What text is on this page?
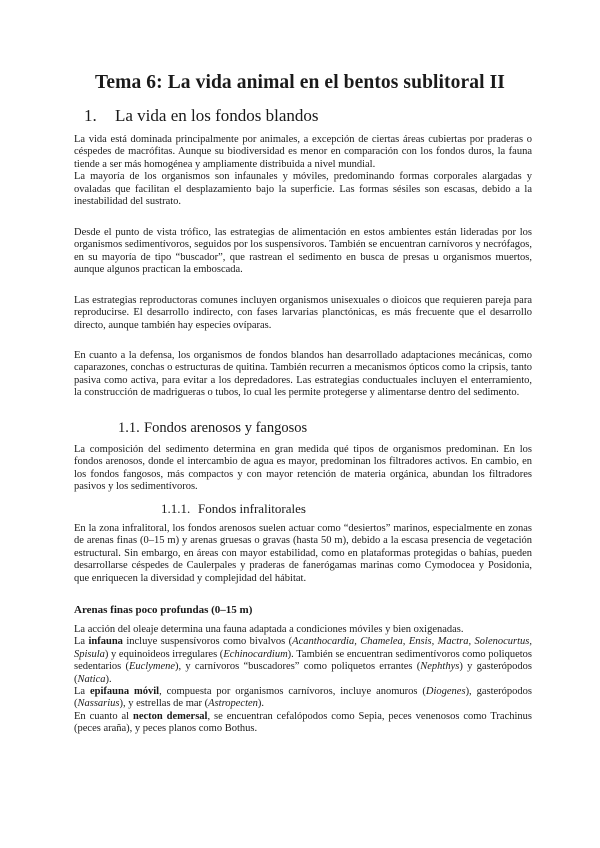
Tema 6: La vida animal en el bentos sublitoral II
1. La vida en los fondos blandos

La vida está dominada principalmente por animales, a excepción de ciertas áreas cubiertas por praderas o céspedes de macrófitas. Aunque su biodiversidad es menor en comparación con los fondos duros, la fauna tiende a ser más homogénea y ampliamente distribuida a nivel mundial.

La mayoría de los organismos son infaunales y móviles, predominando formas corporales alargadas y ovaladas que facilitan el desplazamiento bajo la superficie. Las formas sésiles son escasas, debido a la inestabilidad del sustrato.

Desde el punto de vista trófico, las estrategias de alimentación en estos ambientes están lideradas por los organismos sedimentívoros, seguidos por los suspensívoros. También se encuentran carnívoros y necrófagos, en su mayoría de tipo “buscador”, que rastrean el sedimento en busca de presas u organismos muertos, aunque algunos practican la emboscada.
Las estrategias reproductoras comunes incluyen organismos unisexuales o dioicos que requieren pareja para reproducirse. El desarrollo indirecto, con fases larvarias planctónicas, es más frecuente que el desarrollo directo, aunque también hay especies ovíparas.
En cuanto a la defensa, los organismos de fondos blandos han desarrollado adaptaciones mecánicas, como caparazones, conchas o estructuras de quitina. También recurren a mecanismos ópticos como la cripsis, tanto pasiva como activa, para evitar a los depredadores. Las estrategias conductuales incluyen el enterramiento, la construcción de madrigueras o tubos, lo cual les permite protegerse y alimentarse dentro del sedimento.
1.1. Fondos arenosos y fangosos
La composición del sedimento determina en gran medida qué tipos de organismos predominan. En los fondos arenosos, donde el intercambio de agua es mayor, predominan los filtradores activos. En cambio, en los fondos fangosos, más compactos y con mayor retención de materia orgánica, abundan los filtradores pasivos y los sedimentívoros.
1.1.1. Fondos infralitorales
En la zona infralitoral, los fondos arenosos suelen actuar como “desiertos” marinos, especialmente en zonas de arenas finas (0–15 m) y arenas gruesas o gravas (hasta 50 m), debido a la escasa presencia de vegetación estructural. Sin embargo, en áreas con mayor estabilidad, como en plataformas protegidas o bahías, pueden desarrollarse céspedes de Caulerpales y praderas de fanerógamas marinas como Cymodocea y Posidonia, que enriquecen la diversidad y complejidad del hábitat.
Arenas finas poco profundas (0–15 m)

La acción del oleaje determina una fauna adaptada a condiciones móviles y bien oxigenadas.

La infauna incluye suspensívoros como bivalvos (Acanthocardia, Chamelea, Ensis, Mactra, Solenocurtus, Spisula) y equinoideos irregulares (Echinocardium). También se encuentran sedimentívoros como poliquetos sedentarios (Euclymene), y carnívoros “buscadores” como poliquetos errantes (Nephthys) y gasterópodos (Natica).

La epifauna móvil, compuesta por organismos carnívoros, incluye anomuros (Diogenes), gasterópodos (Nassarius), y estrellas de mar (Astropecten).

En cuanto al necton demersal, se encuentran cefalópodos como Sepia, peces venenosos como Trachinus (peces araña), y peces planos como Bothus.
